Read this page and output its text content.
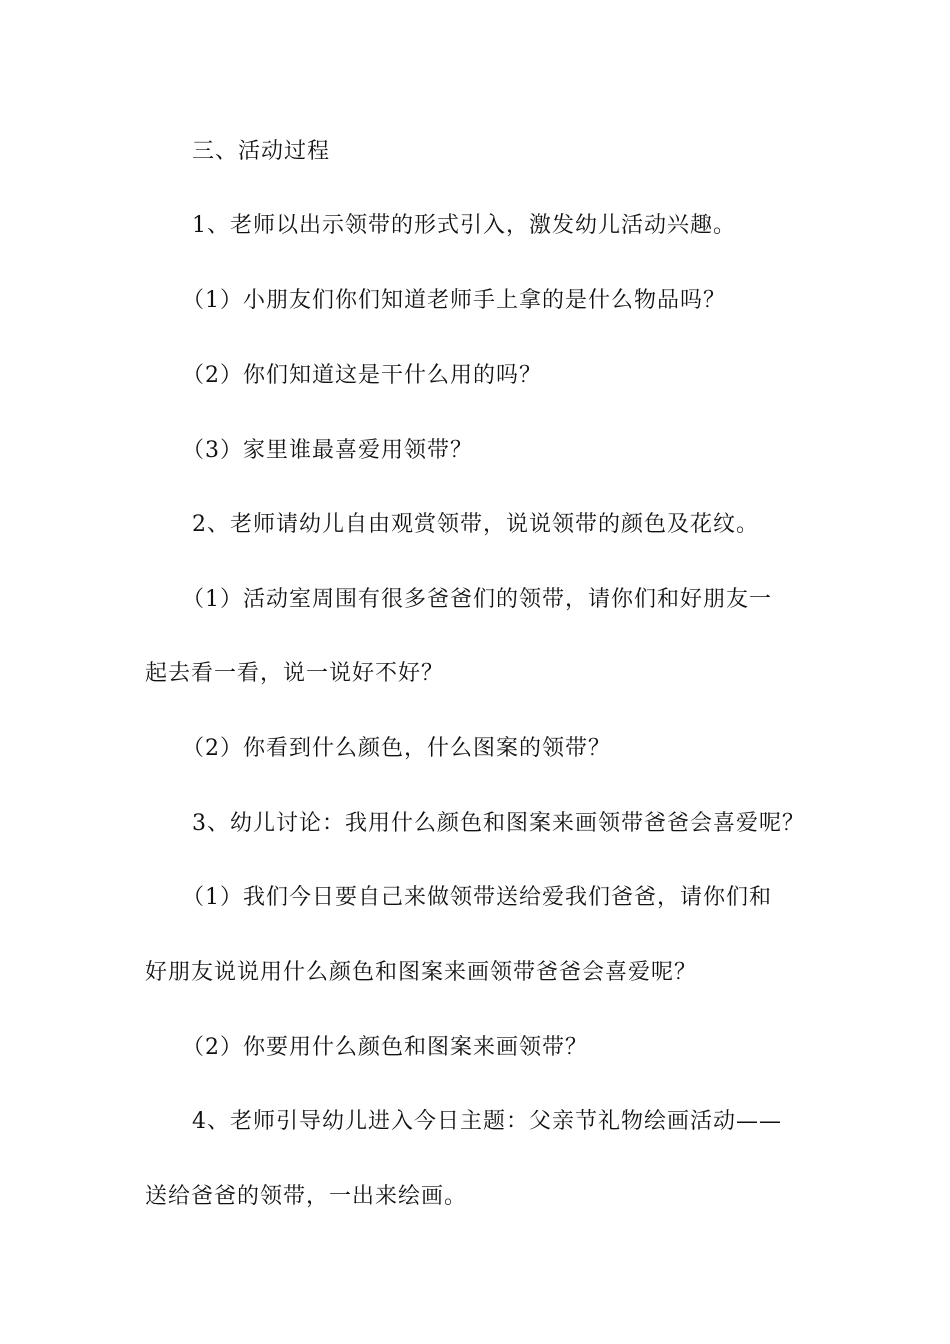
三、活动过程
1、老师以出示领带的形式引入，激发幼儿活动兴趣。
（1）小朋友们你们知道老师手上拿的是什么物品吗？
（2）你们知道这是干什么用的吗？
（3）家里谁最喜爱用领带？
2、老师请幼儿自由观赏领带，说说领带的颜色及花纹。
（1）活动室周围有很多爸爸们的领带，请你们和好朋友一
起去看一看，说一说好不好？
（2）你看到什么颜色，什么图案的领带？
3、幼儿讨论：我用什么颜色和图案来画领带爸爸会喜爱呢？
（1）我们今日要自己来做领带送给爱我们爸爸，请你们和
好朋友说说用什么颜色和图案来画领带爸爸会喜爱呢？
（2）你要用什么颜色和图案来画领带？
4、老师引导幼儿进入今日主题：父亲节礼物绘画活动——
送给爸爸的领带，一出来绘画。
